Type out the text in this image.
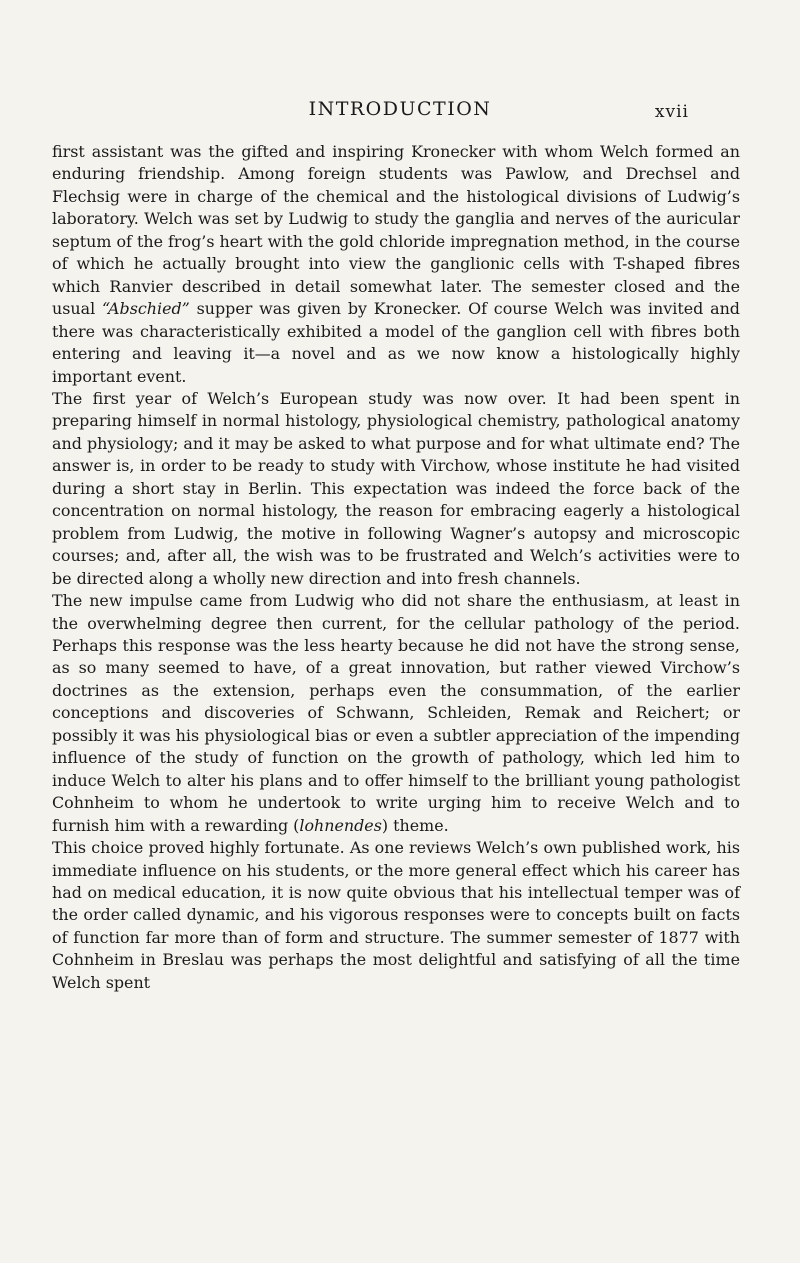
INTRODUCTION	xvii

first assistant was the gifted and inspiring Kronecker with whom Welch formed an enduring friendship. Among foreign students was Pawlow, and Drechsel and Flechsig were in charge of the chemical and the histological divisions of Ludwig’s laboratory. Welch was set by Ludwig to study the ganglia and nerves of the auricular septum of the frog’s heart with the gold chloride impregnation method, in the course of which he actually brought into view the ganglionic cells with T-shaped fibres which Ranvier described in detail somewhat later. The semester closed and the usual “Abschied” supper was given by Kronecker. Of course Welch was invited and there was characteristically exhibited a model of the ganglion cell with fibres both entering and leaving it—a novel and as we now know a histologically highly important event.

The first year of Welch’s European study was now over. It had been spent in preparing himself in normal histology, physiological chemistry, pathological anatomy and physiology; and it may be asked to what purpose and for what ultimate end? The answer is, in order to be ready to study with Virchow, whose institute he had visited during a short stay in Berlin. This expectation was indeed the force back of the concentration on normal histology, the reason for embracing eagerly a histological problem from Ludwig, the motive in following Wagner’s autopsy and microscopic courses; and, after all, the wish was to be frustrated and Welch’s activities were to be directed along a wholly new direction and into fresh channels.

The new impulse came from Ludwig who did not share the enthusiasm, at least in the overwhelming degree then current, for the cellular pathology of the period. Perhaps this response was the less hearty because he did not have the strong sense, as so many seemed to have, of a great innovation, but rather viewed Virchow’s doctrines as the extension, perhaps even the consummation, of the earlier conceptions and discoveries of Schwann, Schleiden, Remak and Reichert; or possibly it was his physiological bias or even a subtler appreciation of the impending influence of the study of function on the growth of pathology, which led him to induce Welch to alter his plans and to offer himself to the brilliant young pathologist Cohnheim to whom he undertook to write urging him to receive Welch and to furnish him with a rewarding (lohnendes) theme.

This choice proved highly fortunate. As one reviews Welch’s own published work, his immediate influence on his students, or the more general effect which his career has had on medical education, it is now quite obvious that his intellectual temper was of the order called dynamic, and his vigorous responses were to concepts built on facts of function far more than of form and structure. The summer semester of 1877 with Cohnheim in Breslau was perhaps the most delightful and satisfying of all the time Welch spent
